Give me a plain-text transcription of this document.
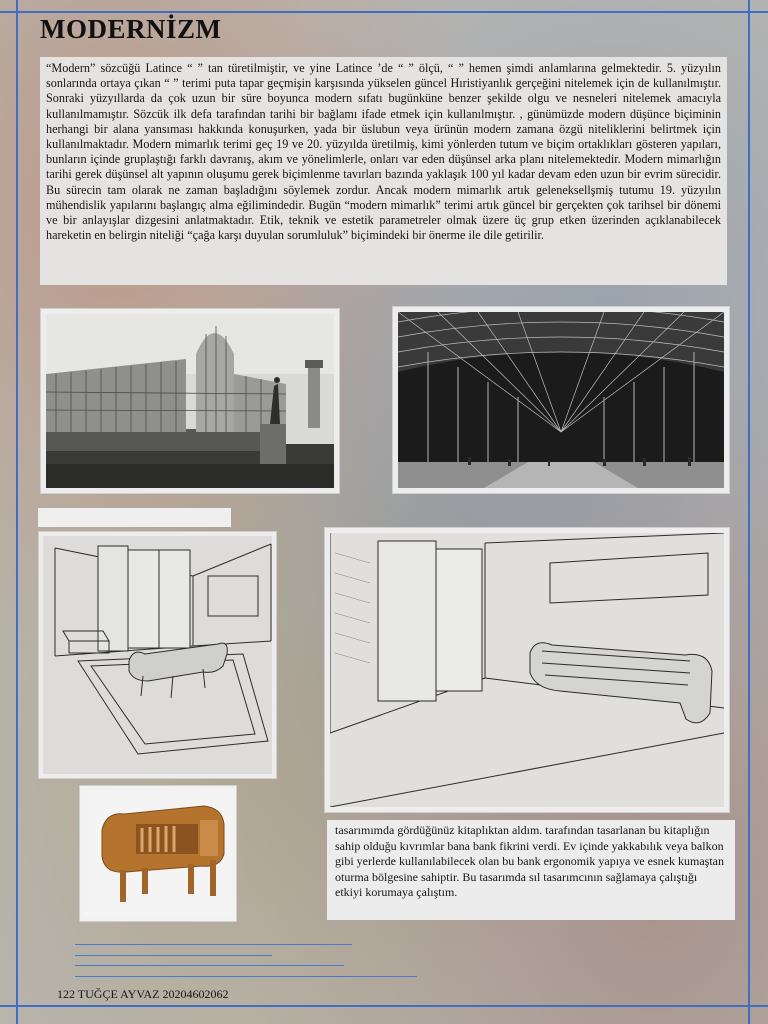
MODERNİZM
“Modern” sözcüğü Latince “ ” tan türetilmiştir, ve yine Latince ’de “ ” ölçü, “ ” hemen şimdi anlamlarına gelmektedir. 5. yüzyılın sonlarında ortaya çıkan “ ” terimi puta tapar geçmişin karşısında yükselen güncel Hıristiyanlık gerçeğini nitelemek için de kullanılmıştır. Sonraki yüzyıllarda da çok uzun bir süre boyunca modern sıfatı bugünküne benzer şekilde olgu ve nesneleri nitelemek amacıyla kullanılmamıştır. Sözcük ilk defa tarafından tarihi bir bağlamı ifade etmek için kullanılmıştır. , günümüzde modern düşünce biçiminin herhangi bir alana yansıması hakkında konuşurken, yada bir üslubun veya ürünün modern zamana özgü niteliklerini belirtmek için kullanılmaktadır. Modern mimarlık terimi geç 19 ve 20. yüzyılda üretilmiş, kimi yönlerden tutum ve biçim ortaklıkları gösteren yapıları, bunların içinde gruplaştığı farklı davranış, akım ve yönelimlerle, onları var eden düşünsel arka planı nitelemektedir. Modern mimarlığın tarihi gerek düşünsel alt yapının oluşumu gerek biçimlenme tavırları bazında yaklaşık 100 yıl kadar devam eden uzun bir evrim sürecidir. Bu sürecin tam olarak ne zaman başladığını söylemek zordur. Ancak modern mimarlık artık geleneksellşmiş tutumu 19. yüzyılın mühendislik yapılarını başlangıç alma eğilimindedir. Bugün “modern mimarlık” terimi artık güncel bir gerçekten çok tarihsel bir dönemi ve bir anlayışlar dizgesini anlatmaktadır. Etik, teknik ve estetik parametreler olmak üzere üç grup etken üzerinden açıklanabilecek hareketin en belirgin niteliği “çağa karşı duyulan sorumluluk” biçimindeki bir önerme ile dile getirilir.
tasarımımda gördüğünüz kitaplıktan aldım. tarafından tasarlanan bu kitaplığın sahip olduğu kıvrımlar bana bank fikrini verdi. Ev içinde yakkabılık veya balkon gibi yerlerde kullanılabilecek olan bu bank ergonomik yapıya ve esnek kumaştan oturma bölgesine sahiptir. Bu tasarımda sıl tasarımcının sağlamaya çalıştığı etkiyi korumaya çalıştım.
122 TUĞÇE AYVAZ 20204602062
